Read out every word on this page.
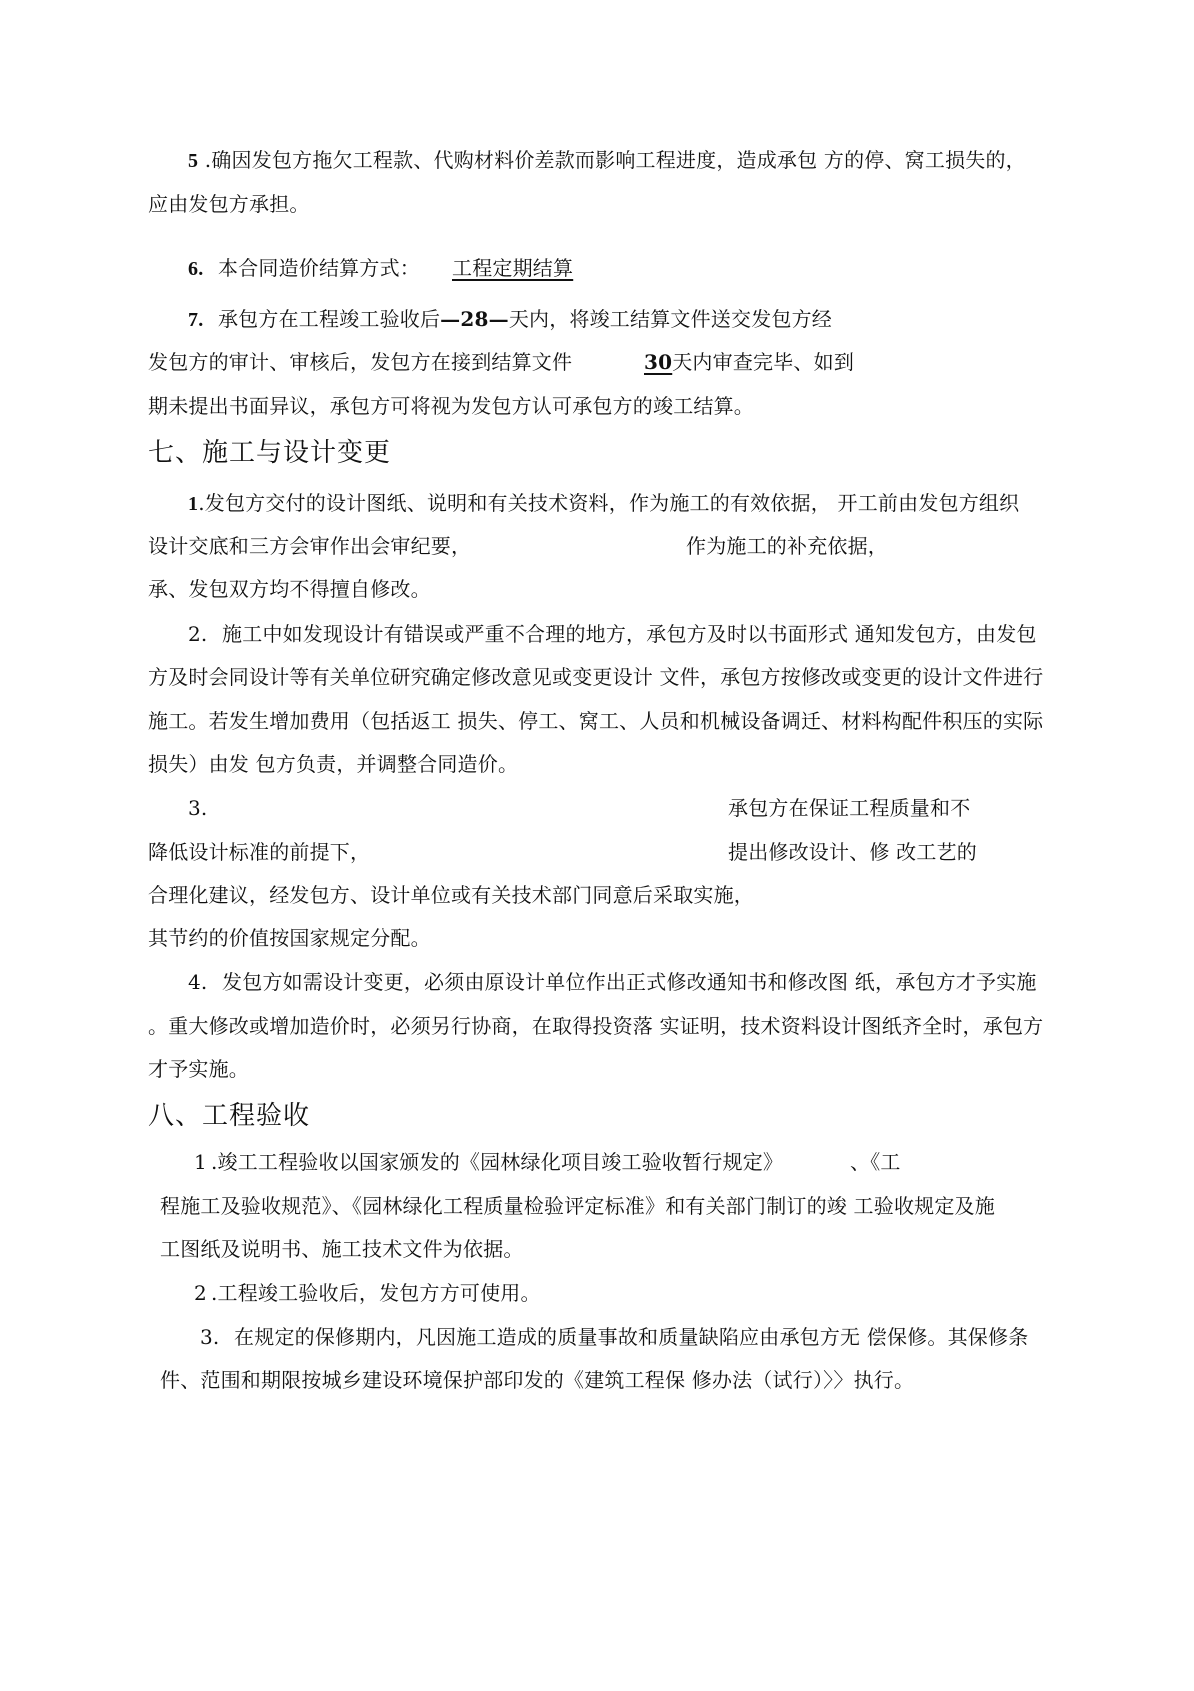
5 .确因发包方拖欠工程款、代购材料价差款而影响工程进度，造成承包 方的停、窝工损失的，
应由发包方承担。
6. 本合同造价结算方式： 工程定期结算
7. 承包方在工程竣工验收后—28—天内，将竣工结算文件送交发包方经
发包方的审计、审核后，发包方在接到结算文件	30天内审查完毕、如到
期未提出书面异议，承包方可将视为发包方认可承包方的竣工结算。
七、施工与设计变更
1.发包方交付的设计图纸、说明和有关技术资料，作为施工的有效依据， 开工前由发包方组织
设计交底和三方会审作出会审纪要，	作为施工的补充依据，
承、发包双方均不得擅自修改。
2. 施工中如发现设计有错误或严重不合理的地方，承包方及时以书面形式 通知发包方，由发包
方及时会同设计等有关单位研究确定修改意见或变更设计 文件，承包方按修改或变更的设计文件进行
施工。若发生增加费用（包括返工 损失、停工、窝工、人员和机械设备调迁、材料构配件积压的实际
损失）由发 包方负责，并调整合同造价。
3.	承包方在保证工程质量和不
降低设计标准的前提下，	提出修改设计、修 改工艺的
合理化建议，经发包方、设计单位或有关技术部门同意后采取实施，
其节约的价值按国家规定分配。
4. 发包方如需设计变更，必须由原设计单位作出正式修改通知书和修改图 纸，承包方才予实施
。重大修改或增加造价时，必须另行协商，在取得投资落 实证明，技术资料设计图纸齐全时，承包方
才予实施。
八、工程验收
1 .竣工工程验收以国家颁发的《园林绿化项目竣工验收暂行规定》	、《工
程施工及验收规范》、《园林绿化工程质量检验评定标准》和有关部门制订的竣 工验收规定及施
工图纸及说明书、施工技术文件为依据。
2 .工程竣工验收后，发包方方可使用。
3. 在规定的保修期内，凡因施工造成的质量事故和质量缺陷应由承包方无 偿保修。其保修条
件、范围和期限按城乡建设环境保护部印发的《建筑工程保 修办法（试行）〉〉执行。
